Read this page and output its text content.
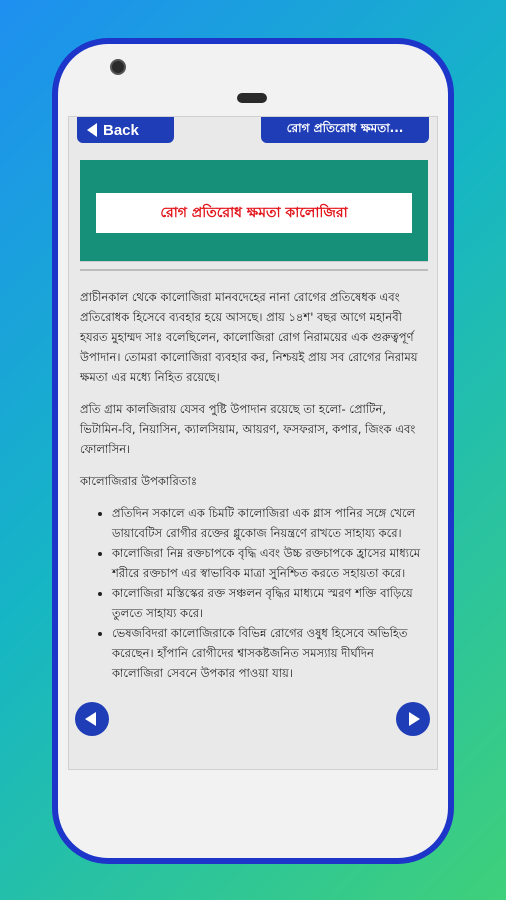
Back	রোগ প্রতিরোধ ক্ষমতা...
রোগ প্রতিরোধ ক্ষমতা কালোজিরা

প্রাচীনকাল থেকে কালোজিরা মানবদেহের নানা রোগের প্রতিষেধক এবং প্রতিরোধক হিসেবে ব্যবহার হয়ে আসছে। প্রায় ১৪শ' বছর আগে মহানবী হযরত মুহাম্মদ সাঃ বলেছিলেন, কালোজিরা রোগ নিরাময়ের এক গুরুত্বপূর্ণ উপাদান। তোমরা কালোজিরা ব্যবহার কর, নিশ্চয়ই প্রায় সব রোগের নিরাময় ক্ষমতা এর মধ্যে নিহিত রয়েছে।

প্রতি গ্রাম কালজিরায় যেসব পুষ্টি উপাদান রয়েছে তা হলো- প্রোটিন, ভিটামিন-বি, নিয়াসিন, ক্যালসিয়াম, আয়রণ, ফসফরাস, কপার, জিংক এবং ফোলাসিন।

কালোজিরার উপকারিতাঃ

• প্রতিদিন সকালে এক চিমটি কালোজিরা এক গ্লাস পানির সঙ্গে খেলে ডায়াবেটিস রোগীর রক্তের গ্লুকোজ নিয়ন্ত্রণে রাখতে সাহায্য করে।
• কালোজিরা নিম্ন রক্তচাপকে বৃদ্ধি এবং উচ্চ রক্তচাপকে হ্রাসের মাধ্যমে শরীরে রক্তচাপ এর স্বাভাবিক মাত্রা সুনিশ্চিত করতে সহায়তা করে।
• কালোজিরা মস্তিস্কের রক্ত সঞ্চলন বৃদ্ধির মাধ্যমে স্মরণ শক্তি বাড়িয়ে তুলতে সাহায্য করে।
• ভেষজবিদরা কালোজিরাকে বিভিন্ন রোগের ওষুধ হিসেবে অভিহিত করেছেন। হাঁপানি রোগীদের শ্বাসকষ্টজনিত সমস্যায় দীর্ঘদিন কালোজিরা সেবনে উপকার পাওয়া যায়।
